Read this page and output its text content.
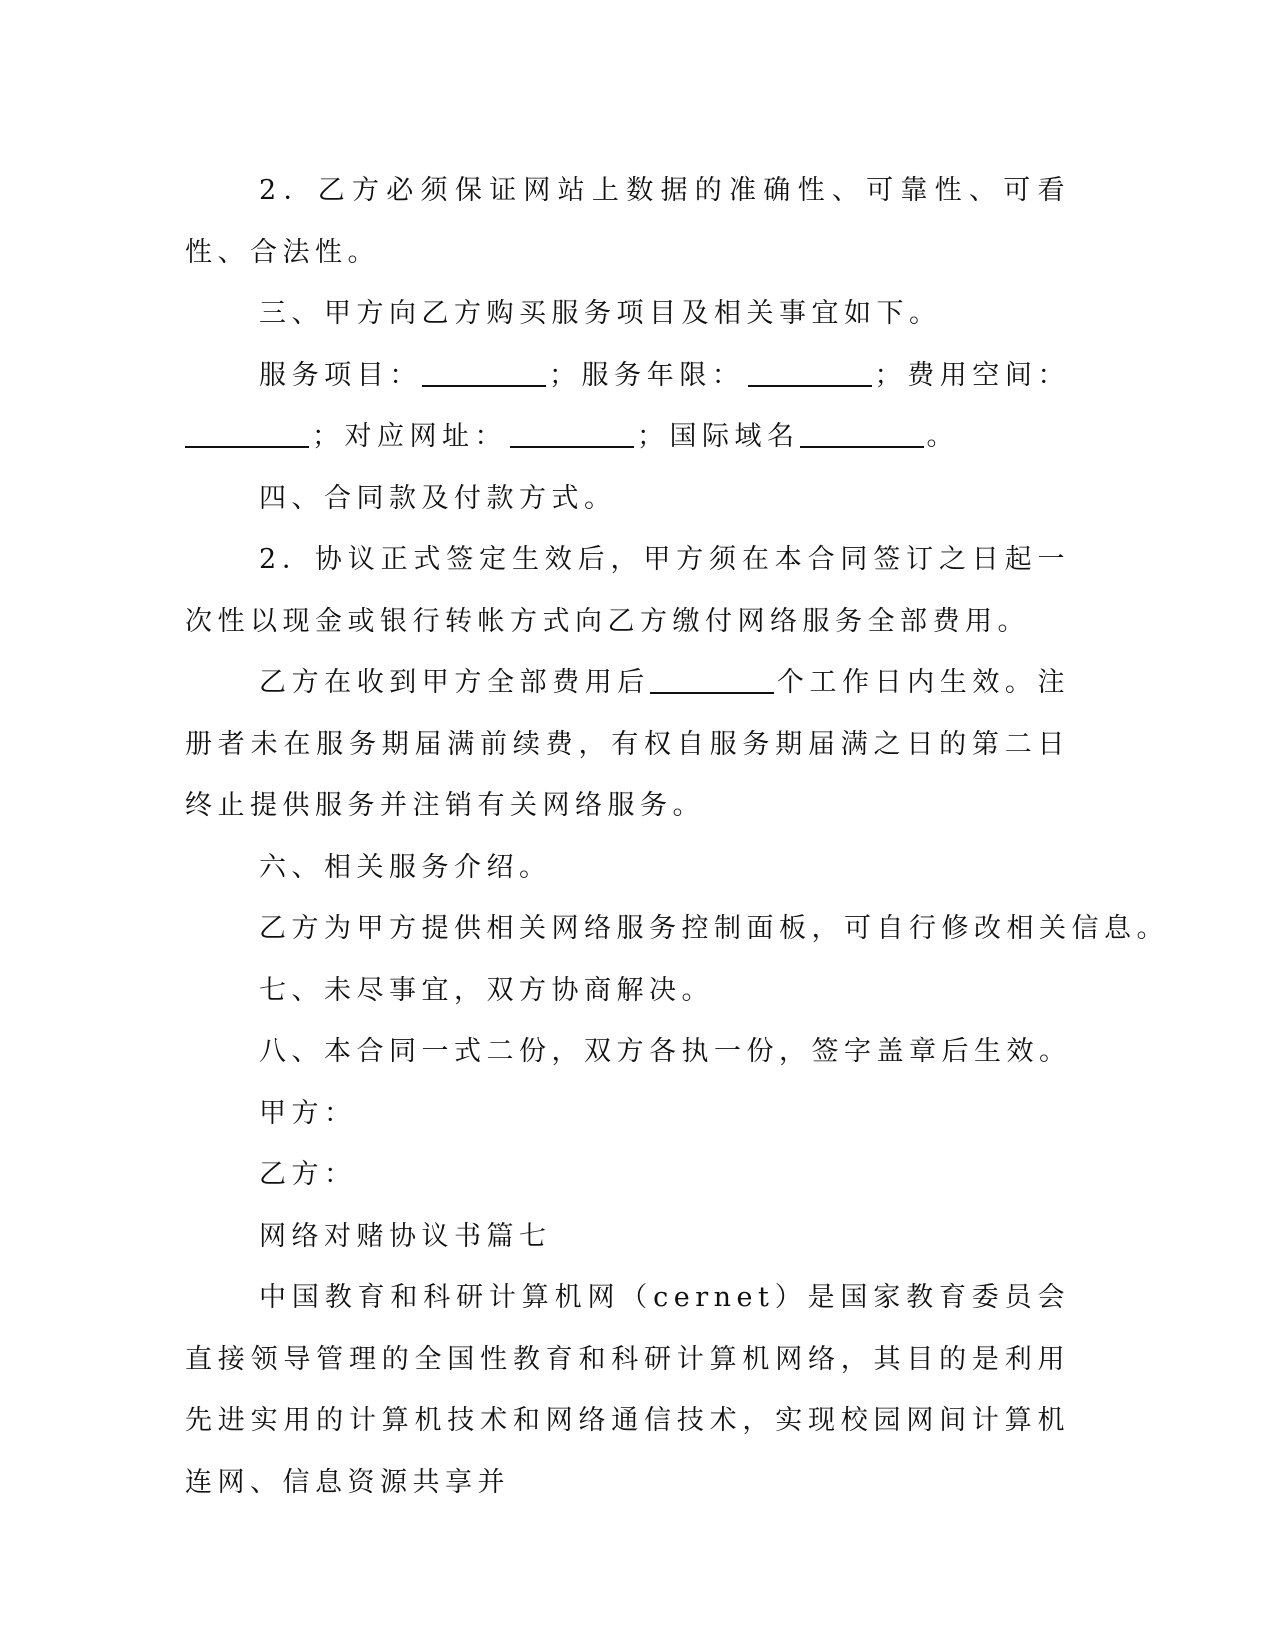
2．乙方必须保证网站上数据的准确性、可靠性、可看性、合法性。

三、甲方向乙方购买服务项目及相关事宜如下。

服务项目：	；服务年限：	；费用空间：；对应网址：	；国际域名	。

四、合同款及付款方式。

2．协议正式签定生效后，甲方须在本合同签订之日起一次性以现金或银行转帐方式向乙方缴付网络服务全部费用。

乙方在收到甲方全部费用后	个工作日内生效。注册者未在服务期届满前续费，有权自服务期届满之日的第二日终止提供服务并注销有关网络服务。

六、相关服务介绍。

乙方为甲方提供相关网络服务控制面板，可自行修改相关信息。

七、未尽事宜，双方协商解决。

八、本合同一式二份，双方各执一份，签字盖章后生效。

甲方：

乙方：

网络对赌协议书篇七

中国教育和科研计算机网（cernet）是国家教育委员会直接领导管理的全国性教育和科研计算机网络，其目的是利用先进实用的计算机技术和网络通信技术，实现校园网间计算机连网、信息资源共享并
